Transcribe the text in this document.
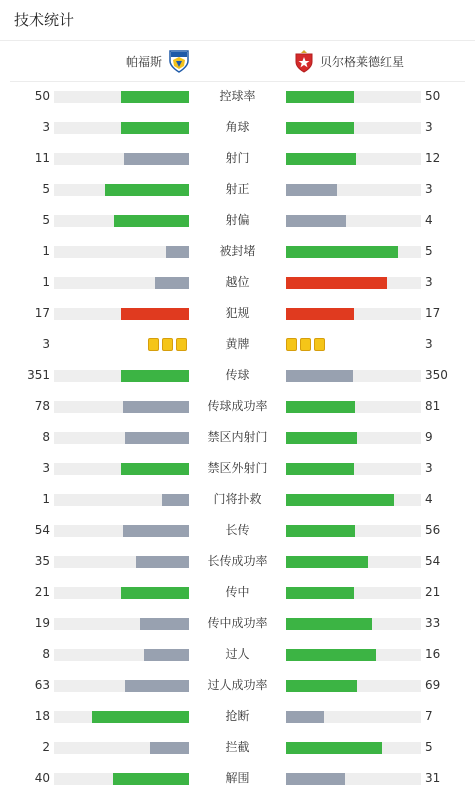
技术统计
帕福斯	贝尔格莱德红星
50	控球率	50
3	角球	3
11	射门	12
5	射正	3
5	射偏	4
1	被封堵	5
1	越位	3
17	犯规	17
3	黄牌	3
351	传球	350
78	传球成功率	81
8	禁区内射门	9
3	禁区外射门	3
1	门将扑救	4
54	长传	56
35	长传成功率	54
21	传中	21
19	传中成功率	33
8	过人	16
63	过人成功率	69
18	抢断	7
2	拦截	5
40	解围	31
